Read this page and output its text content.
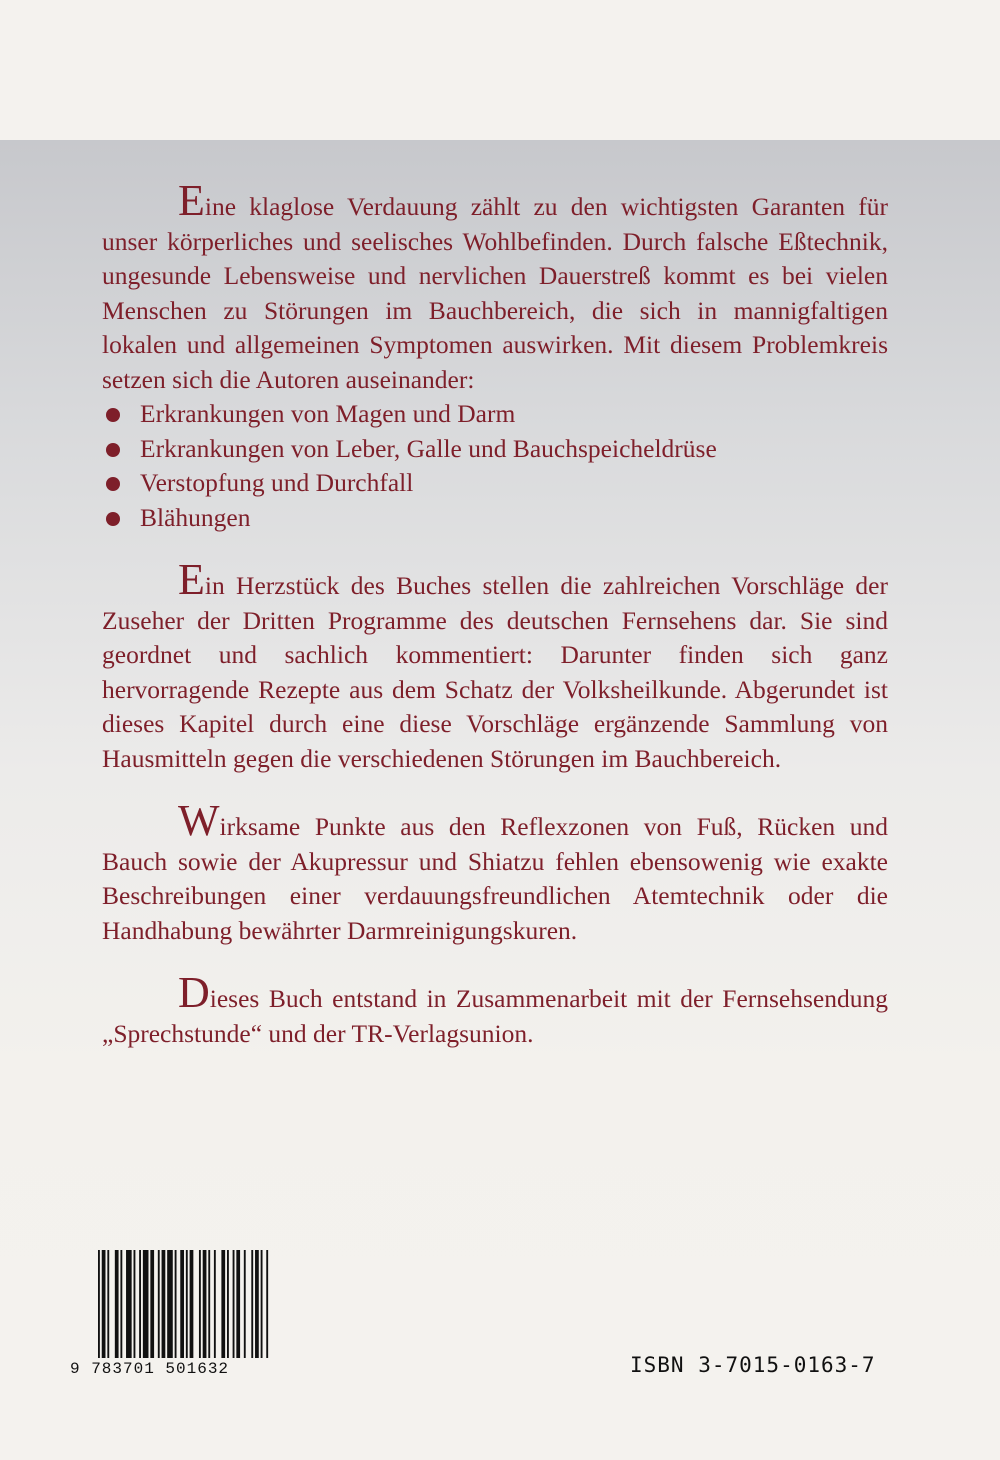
Eine klaglose Verdauung zählt zu den wichtigsten Garanten für unser körperliches und seelisches Wohlbefinden. Durch falsche Eßtechnik, ungesunde Lebensweise und nervlichen Dauerstreß kommt es bei vielen Menschen zu Störungen im Bauchbereich, die sich in mannigfaltigen lokalen und allgemeinen Symptomen auswirken. Mit diesem Problemkreis setzen sich die Autoren auseinander:

Erkrankungen von Magen und Darm
Erkrankungen von Leber, Galle und Bauchspeicheldrüse
Verstopfung und Durchfall
Blähungen

Ein Herzstück des Buches stellen die zahlreichen Vorschläge der Zuseher der Dritten Programme des deutschen Fernsehens dar. Sie sind geordnet und sachlich kommentiert: Darunter finden sich ganz hervorragende Rezepte aus dem Schatz der Volksheilkunde. Abgerundet ist dieses Kapitel durch eine diese Vorschläge ergänzende Sammlung von Hausmitteln gegen die verschiedenen Störungen im Bauchbereich.

Wirksame Punkte aus den Reflexzonen von Fuß, Rücken und Bauch sowie der Akupressur und Shiatzu fehlen ebensowenig wie exakte Beschreibungen einer verdauungsfreundlichen Atemtechnik oder die Handhabung bewährter Darmreinigungskuren.

Dieses Buch entstand in Zusammenarbeit mit der Fernsehsendung „Sprechstunde“ und der TR-Verlagsunion.

9 783701 501632	ISBN 3-7015-0163-7
